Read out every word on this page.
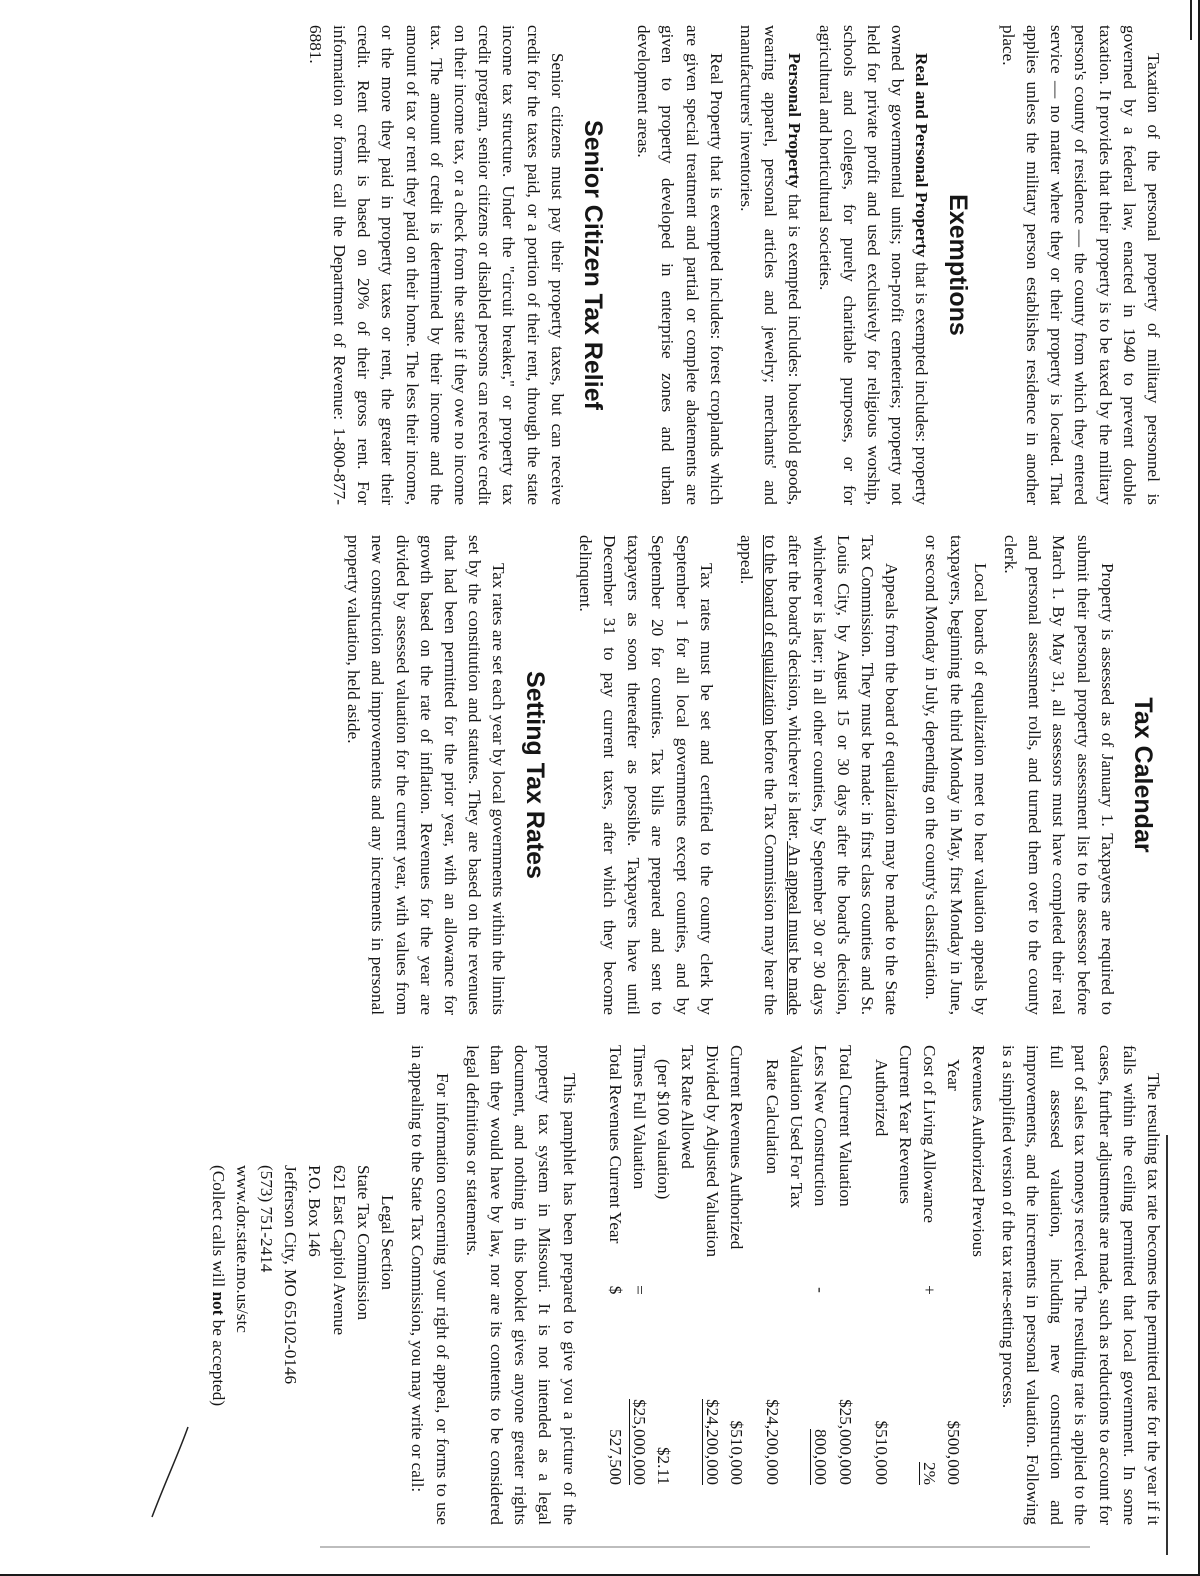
Taxation of the personal property of military personnel is governed by a federal law, enacted in 1940 to prevent double taxation. It provides that their property is to be taxed by the military person's county of residence — the county from which they entered service — no matter where they or their property is located. That applies unless the military person establishes residence in another place.

Exemptions

Real and Personal Property that is exempted includes: property owned by governmental units; non-profit cemeteries; property not held for private profit and used exclusively for religious worship, schools and colleges, for purely charitable purposes, or for agricultural and horticultural societies.

Personal Property that is exempted includes: household goods, wearing apparel, personal articles and jewelry; merchants' and manufacturers' inventories.

Real Property that is exempted includes: forest croplands which are given special treatment and partial or complete abatements are given to property developed in enterprise zones and urban development areas.

Senior Citizen Tax Relief

Senior citizens must pay their property taxes, but can receive credit for the taxes paid, or a portion of their rent, through the state income tax structure. Under the "circuit breaker," or property tax credit program, senior citizens or disabled persons can receive credit on their income tax, or a check from the state if they owe no income tax. The amount of credit is determined by their income and the amount of tax or rent they paid on their home. The less their income, or the more they paid in property taxes or rent, the greater their credit. Rent credit is based on 20% of their gross rent. For information or forms call the Department of Revenue: 1-800-877-6881.

Tax Calendar

Property is assessed as of January 1. Taxpayers are required to submit their personal property assessment list to the assessor before March 1. By May 31, all assessors must have completed their real and personal assessment rolls, and turned them over to the county clerk.

Local boards of equalization meet to hear valuation appeals by taxpayers, beginning the third Monday in May, first Monday in June, or second Monday in July, depending on the county's classification.

Appeals from the board of equalization may be made to the State Tax Commission. They must be made: in first class counties and St. Louis City, by August 15 or 30 days after the board's decision, whichever is later; in all other counties, by September 30 or 30 days after the board's decision, whichever is later. An appeal must be made to the board of equalization before the Tax Commission may hear the appeal.

Tax rates must be set and certified to the county clerk by September 1 for all local governments except counties, and by September 20 for counties. Tax bills are prepared and sent to taxpayers as soon thereafter as possible. Taxpayers have until December 31 to pay current taxes, after which they become delinquent.

Setting Tax Rates

Tax rates are set each year by local governments within the limits set by the constitution and statutes. They are based on the revenues that had been permitted for the prior year, with an allowance for growth based on the rate of inflation. Revenues for the year are divided by assessed valuation for the current year, with values from new construction and improvements and any increments in personal property valuation, held aside.

The resulting tax rate becomes the permitted rate for the year if it falls within the ceiling permitted that local government. In some cases, further adjustments are made, such as reductions to account for part of sales tax moneys received. The resulting rate is applied to the full assessed valuation, including new construction and improvements, and the increments in personal valuation. Following is a simplified version of the tax rate-setting process.

Revenues Authorized Previous
Year
$500,000
Cost of Living Allowance
+
2%
Current Year Revenues
Authorized
$510,000
Total Current Valuation
$25,000,000
Less New Construction
-
800,000
Valuation Used For Tax
Rate Calculation
$24,200,000
Current Revenues Authorized
$510,000
Divided by Adjusted Valuation
$24,200,000
Tax Rate Allowed
(per $100 valuation)
$2.11
Times Full Valuation
=
$25,000,000
Total Revenues Current Year
$
527,500

This pamphlet has been prepared to give you a picture of the property tax system in Missouri. It is not intended as a legal document, and nothing in this booklet gives anyone greater rights than they would have by law, nor are its contents to be considered legal definitions or statements.

For information concerning your right of appeal, or forms to use in appealing to the State Tax Commission, you may write or call:

Legal Section
State Tax Commission
621 East Capitol Avenue
P.O. Box 146
Jefferson City, MO 65102-0146
(573) 751-2414
www.dor.state.mo.us/stc
(Collect calls will not be accepted)
